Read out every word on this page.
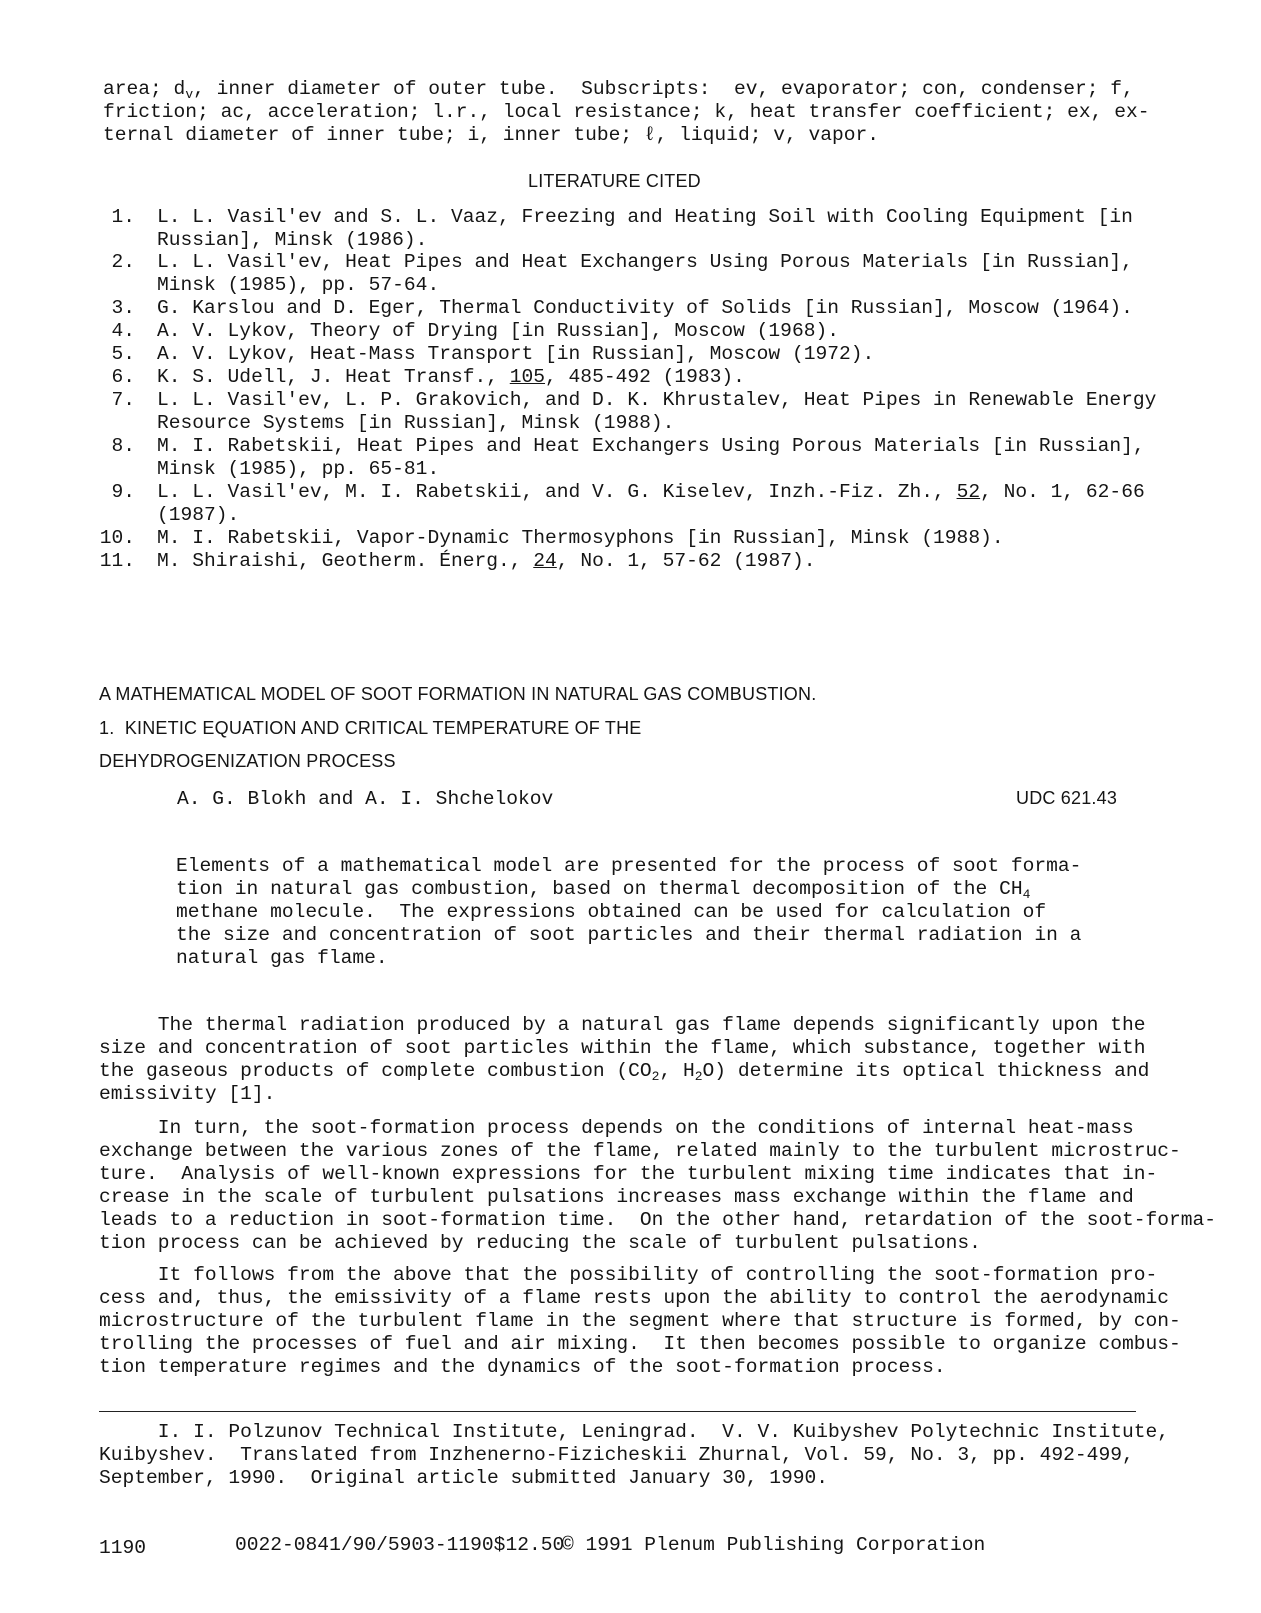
area; $d_v$, inner diameter of outer tube.  Subscripts:  ev, evaporator; con, condenser; f,
friction; ac, acceleration; l.r., local resistance; k, heat transfer coefficient; ex, ex-
ternal diameter of inner tube; i, inner tube; ℓ, liquid; v, vapor.
LITERATURE CITED
1. L. L. Vasil'ev and S. L. Vaaz, Freezing and Heating Soil with Cooling Equipment [in
Russian], Minsk (1986).
2. L. L. Vasil'ev, Heat Pipes and Heat Exchangers Using Porous Materials [in Russian],
Minsk (1985), pp. 57-64.
3. G. Karslou and D. Eger, Thermal Conductivity of Solids [in Russian], Moscow (1964).
4. A. V. Lykov, Theory of Drying [in Russian], Moscow (1968).
5. A. V. Lykov, Heat-Mass Transport [in Russian], Moscow (1972).
6. K. S. Udell, J. Heat Transf., 105, 485-492 (1983).
7. L. L. Vasil'ev, L. P. Grakovich, and D. K. Khrustalev, Heat Pipes in Renewable Energy
Resource Systems [in Russian], Minsk (1988).
8. M. I. Rabetskii, Heat Pipes and Heat Exchangers Using Porous Materials [in Russian],
Minsk (1985), pp. 65-81.
9. L. L. Vasil'ev, M. I. Rabetskii, and V. G. Kiselev, Inzh.-Fiz. Zh., 52, No. 1, 62-66
(1987).
10. M. I. Rabetskii, Vapor-Dynamic Thermosyphons [in Russian], Minsk (1988).
11. M. Shiraishi, Geotherm. Énerg., 24, No. 1, 57-62 (1987).
A MATHEMATICAL MODEL OF SOOT FORMATION IN NATURAL GAS COMBUSTION.
1.  KINETIC EQUATION AND CRITICAL TEMPERATURE OF THE
DEHYDROGENIZATION PROCESS
A. G. Blokh and A. I. Shchelokov	UDC 621.43
Elements of a mathematical model are presented for the process of soot forma-
tion in natural gas combustion, based on thermal decomposition of the $CH_4$
methane molecule.  The expressions obtained can be used for calculation of
the size and concentration of soot particles and their thermal radiation in a
natural gas flame.
The thermal radiation produced by a natural gas flame depends significantly upon the
size and concentration of soot particles within the flame, which substance, together with
the gaseous products of complete combustion ($CO_2$, $H_2O$) determine its optical thickness and
emissivity [1].
In turn, the soot-formation process depends on the conditions of internal heat-mass
exchange between the various zones of the flame, related mainly to the turbulent microstruc-
ture.  Analysis of well-known expressions for the turbulent mixing time indicates that in-
crease in the scale of turbulent pulsations increases mass exchange within the flame and
leads to a reduction in soot-formation time.  On the other hand, retardation of the soot-forma-
tion process can be achieved by reducing the scale of turbulent pulsations.
It follows from the above that the possibility of controlling the soot-formation pro-
cess and, thus, the emissivity of a flame rests upon the ability to control the aerodynamic
microstructure of the turbulent flame in the segment where that structure is formed, by con-
trolling the processes of fuel and air mixing.  It then becomes possible to organize combus-
tion temperature regimes and the dynamics of the soot-formation process.
I. I. Polzunov Technical Institute, Leningrad.  V. V. Kuibyshev Polytechnic Institute,
Kuibyshev.  Translated from Inzhenerno-Fizicheskii Zhurnal, Vol. 59, No. 3, pp. 492-499,
September, 1990.  Original article submitted January 30, 1990.
1190	0022-0841/90/5903-1190$12.50
© 1991 Plenum Publishing Corporation
